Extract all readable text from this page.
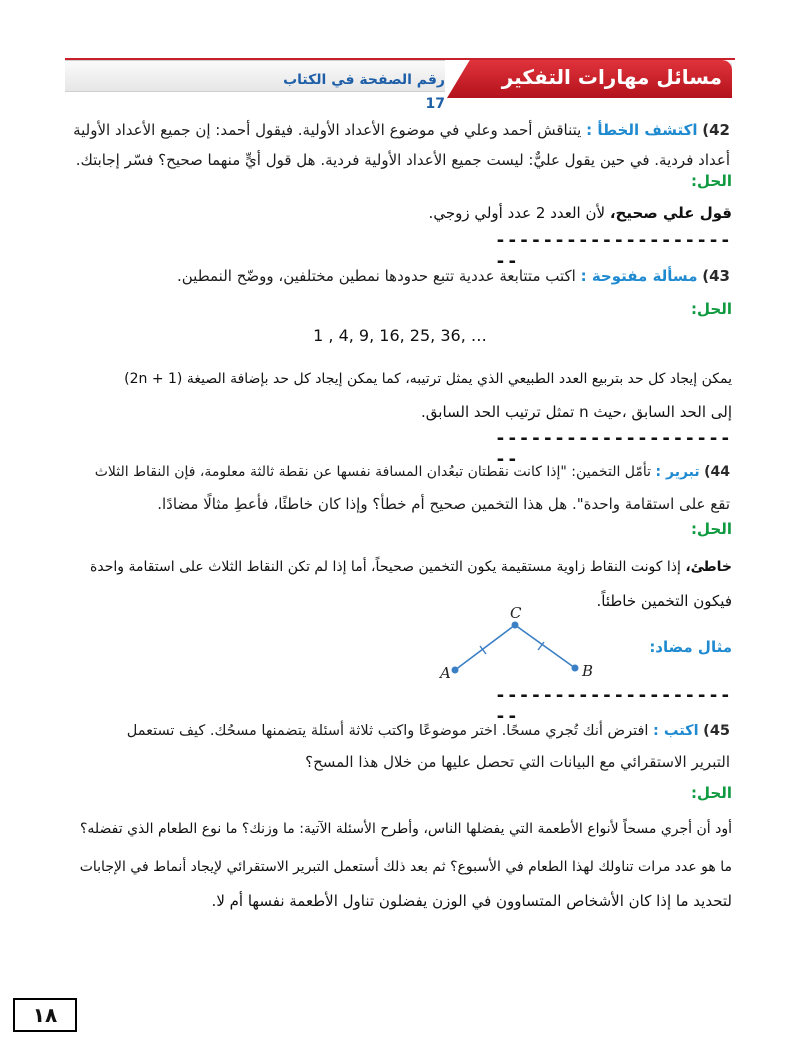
مسائل مهارات التفكير العليا
رقم الصفحة في الكتاب 17
42) اكتشف الخطأ : يتناقش أحمد وعلي في موضوع الأعداد الأولية. فيقول أحمد: إن جميع الأعداد الأولية
أعداد فردية. في حين يقول عليٌّ: ليست جميع الأعداد الأولية فردية. هل قول أيٍّ منهما صحيح؟ فسّر إجابتك.
الحل:
قول علي صحيح، لأن العدد 2 عدد أولي زوجي.
----------------------
43) مسألة مفتوحة : اكتب متتابعة عددية تتبع حدودها نمطين مختلفين، ووضّح النمطين.
الحل:
1 , 4, 9, 16, 25, 36, …
يمكن إيجاد كل حد بتربيع العدد الطبيعي الذي يمثل ترتيبه، كما يمكن إيجاد كل حد بإضافة الصيغة (2n + 1)
إلى الحد السابق ،حيث n تمثل ترتيب الحد السابق.
----------------------
44) تبرير : تأمّل التخمين: "إذا كانت نقطتان تبعُدان المسافة نفسها عن نقطة ثالثة معلومة، فإن النقاط الثلاث
تقع على استقامة واحدة". هل هذا التخمين صحيح أم خطأ؟ وإذا كان خاطئًا، فأعطِ مثالًا مضادًا.
الحل:
خاطئ، إذا كونت النقاط زاوية مستقيمة يكون التخمين صحيحاً، أما إذا لم تكن النقاط الثلاث على استقامة واحدة
فيكون التخمين خاطئاً.
مثال مضاد:
A
C
B
----------------------
45) اكتب : افترض أنك تُجري مسحًا. اختر موضوعًا واكتب ثلاثة أسئلة يتضمنها مسحُك. كيف تستعمل
التبرير الاستقرائي مع البيانات التي تحصل عليها من خلال هذا المسح؟
الحل:
أود أن أجري مسحاً لأنواع الأطعمة التي يفضلها الناس، وأطرح الأسئلة الآتية: ما وزنك؟ ما نوع الطعام الذي تفضله؟
ما هو عدد مرات تناولك لهذا الطعام في الأسبوع؟ ثم بعد ذلك أستعمل التبرير الاستقرائي لإيجاد أنماط في الإجابات
لتحديد ما إذا كان الأشخاص المتساوون في الوزن يفضلون تناول الأطعمة نفسها أم لا.
١٨
